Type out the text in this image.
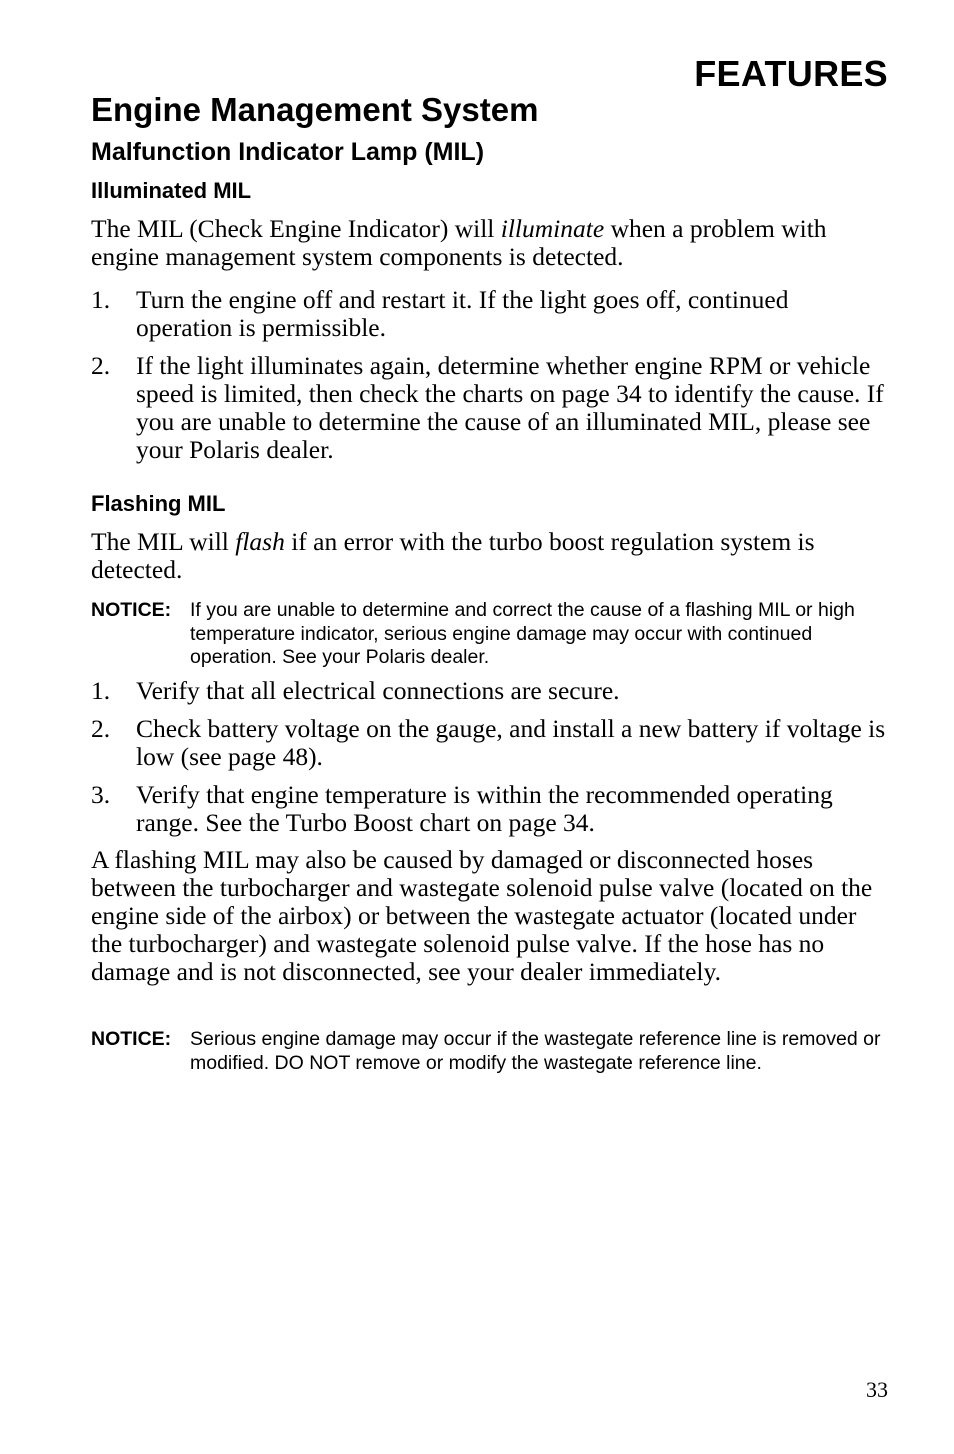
FEATURES
Engine Management System
Malfunction Indicator Lamp (MIL)
Illuminated MIL

The MIL (Check Engine Indicator) will illuminate when a problem with engine management system components is detected.

1.	Turn the engine off and restart it. If the light goes off, continued operation is permissible.
2.	If the light illuminates again, determine whether engine RPM or vehicle speed is limited, then check the charts on page 34 to identify the cause. If you are unable to determine the cause of an illuminated MIL, please see your Polaris dealer.
Flashing MIL

The MIL will flash if an error with the turbo boost regulation system is detected.

NOTICE: If you are unable to determine and correct the cause of a flashing MIL or high temperature indicator, serious engine damage may occur with continued operation. See your Polaris dealer.
1.	Verify that all electrical connections are secure.
2.	Check battery voltage on the gauge, and install a new battery if voltage is low (see page 48).
3.	Verify that engine temperature is within the recommended operating range. See the Turbo Boost chart on page 34.

A flashing MIL may also be caused by damaged or disconnected hoses between the turbocharger and wastegate solenoid pulse valve (located on the engine side of the airbox) or between the wastegate actuator (located under the turbocharger) and wastegate solenoid pulse valve. If the hose has no damage and is not disconnected, see your dealer immediately.

NOTICE: Serious engine damage may occur if the wastegate reference line is removed or modified. DO NOT remove or modify the wastegate reference line.
33
